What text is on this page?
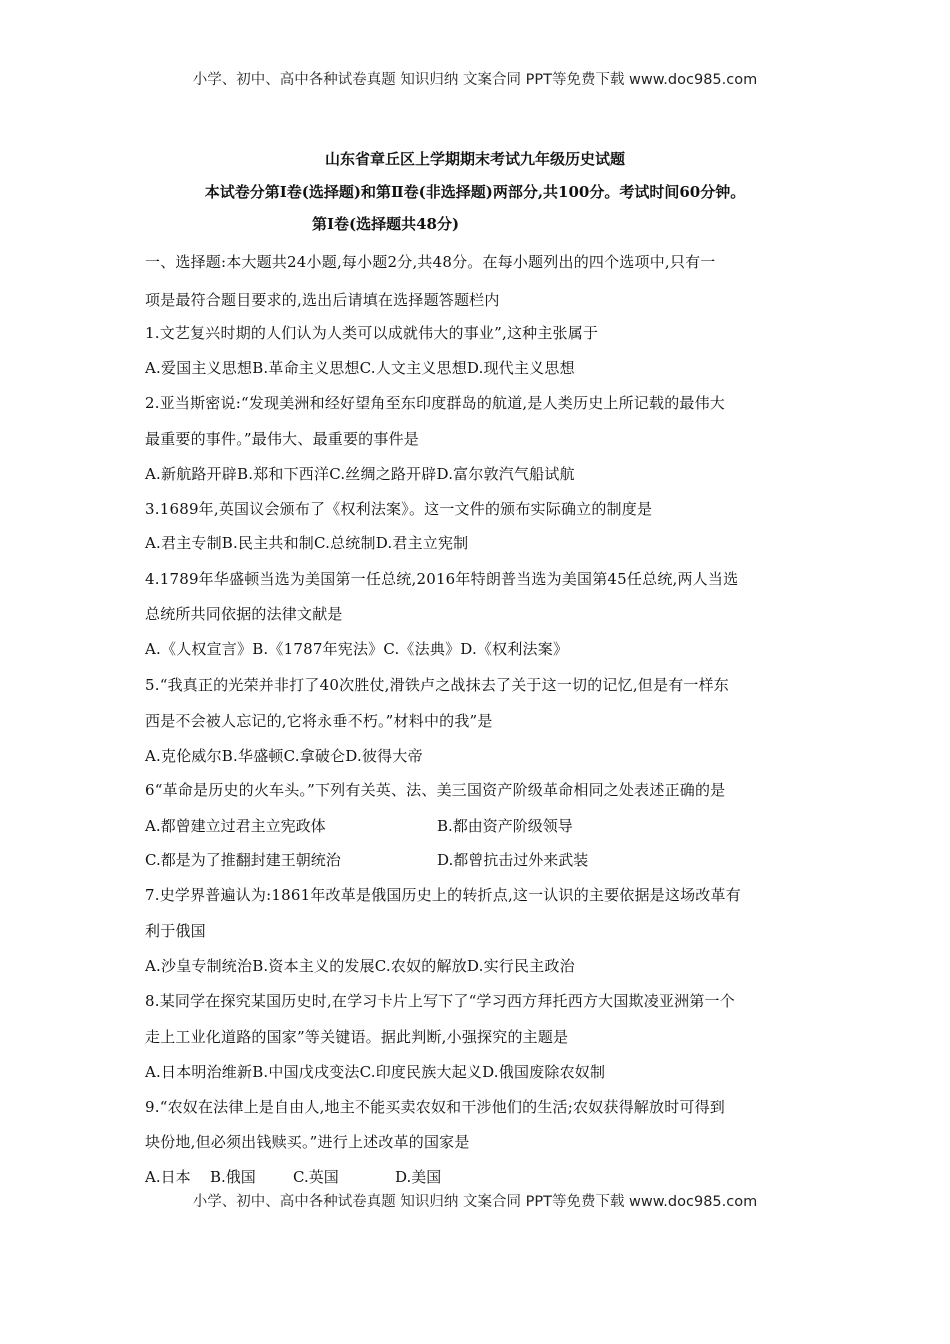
小学、初中、高中各种试卷真题 知识归纳 文案合同 PPT等免费下载 www.doc985.com
山东省章丘区上学期期末考试九年级历史试题
本试卷分第Ⅰ卷(选择题)和第Ⅱ卷(非选择题)两部分,共100分。考试时间60分钟。
第Ⅰ卷(选择题共48分)
一、选择题:本大题共24小题,每小题2分,共48分。在每小题列出的四个选项中,只有一
项是最符合题目要求的,选出后请填在选择题答题栏内
1.文艺复兴时期的人们认为人类可以成就伟大的事业”,这种主张属于
A.爱国主义思想B.革命主义思想C.人文主义思想D.现代主义思想
2.亚当斯密说:“发现美洲和经好望角至东印度群岛的航道,是人类历史上所记载的最伟大
最重要的事件。”最伟大、最重要的事件是
A.新航路开辟B.郑和下西洋C.丝绸之路开辟D.富尔敦汽气船试航
3.1689年,英国议会颁布了《权利法案》。这一文件的颁布实际确立的制度是
A.君主专制B.民主共和制C.总统制D.君主立宪制
4.1789年华盛顿当选为美国第一任总统,2016年特朗普当选为美国第45任总统,两人当选
总统所共同依据的法律文献是
A.《人权宣言》B.《1787年宪法》C.《法典》D.《权利法案》
5.“我真正的光荣并非打了40次胜仗,滑铁卢之战抹去了关于这一切的记忆,但是有一样东
西是不会被人忘记的,它将永垂不朽。”材料中的我”是
A.克伦威尔B.华盛顿C.拿破仑D.彼得大帝
6“革命是历史的火车头。”下列有关英、法、美三国资产阶级革命相同之处表述正确的是
A.都曾建立过君主立宪政体	B.都由资产阶级领导
C.都是为了推翻封建王朝统治	D.都曾抗击过外来武装
7.史学界普遍认为:1861年改革是俄国历史上的转折点,这一认识的主要依据是这场改革有
利于俄国
A.沙皇专制统治B.资本主义的发展C.农奴的解放D.实行民主政治
8.某同学在探究某国历史时,在学习卡片上写下了“学习西方拜托西方大国欺凌亚洲第一个
走上工业化道路的国家”等关键语。据此判断,小强探究的主题是
A.日本明治维新B.中国戊戌变法C.印度民族大起义D.俄国废除农奴制
9.“农奴在法律上是自由人,地主不能买卖农奴和干涉他们的生活;农奴获得解放时可得到
块份地,但必须出钱赎买。”进行上述改革的国家是
A.日本 B.俄国 C.英国	D.美国
小学、初中、高中各种试卷真题 知识归纳 文案合同 PPT等免费下载 www.doc985.com
